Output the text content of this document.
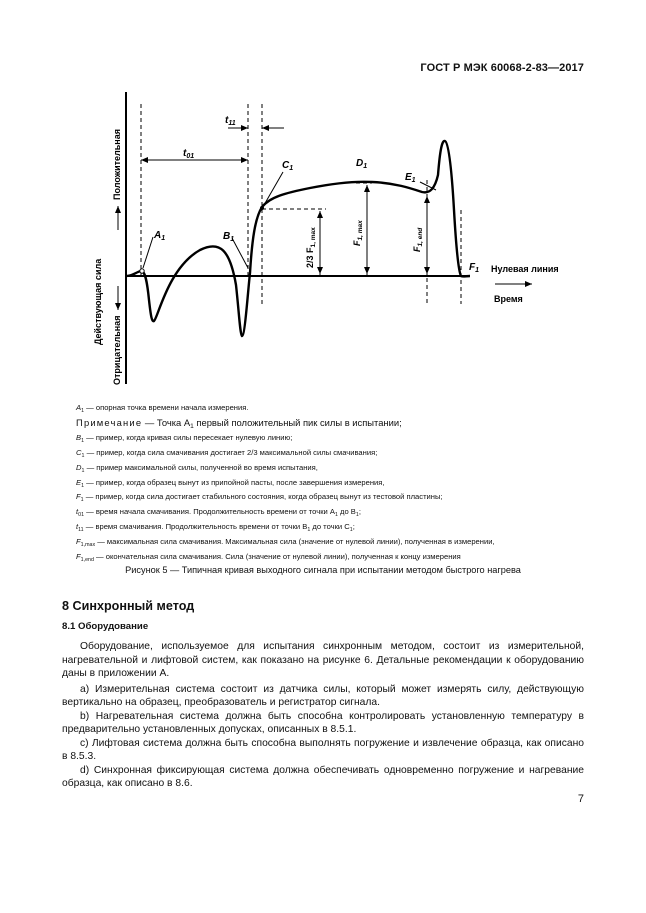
ГОСТ Р МЭК 60068-2-83—2017
Действующая сила
Положительная
Отрицательная
Нулевая линия
Время
$A_1$	$B_1$
$C_1$	$D_1$
$E_1$
$F_1$
$t_{01}$
$t_{11}$
2/3 $F_{1, max}$	$F_{1, max}$
$F_{1, end}$
$A_1$ — опорная точка времени начала измерения.
Примечание — Точка $A_1$ первый положительный пик силы в испытании;
$B_1$ — пример, когда кривая силы пересекает нулевую линию;
$C_1$ — пример, когда сила смачивания достигает 2/3 максимальной силы смачивания;
$D_1$ — пример максимальной силы, полученной во время испытания,
$E_1$ — пример, когда образец вынут из припойной пасты, после завершения измерения,
$F_1$ — пример, когда сила достигает стабильного состояния, когда образец вынут из тестовой пластины;
$t_{01}$ — время начала смачивания. Продолжительность времени от точки $A_1$ до $B_1$;
$t_{11}$ — время смачивания. Продолжительность времени от точки $B_1$ до точки $C_1$;
$F_{1,max}$ — максимальная сила смачивания. Максимальная сила (значение от нулевой линии), полученная в измерении,
$F_{1,end}$ — окончательная сила смачивания. Сила (значение от нулевой линии), полученная к концу измерения
Рисунок 5 — Типичная кривая выходного сигнала при испытании методом быстрого нагрева
8 Синхронный метод
8.1 Оборудование

Оборудование, используемое для испытания синхронным методом, состоит из измерительной, нагревательной и лифтовой систем, как показано на рисунке 6. Детальные рекомендации к оборудованию даны в приложении А.

a) Измерительная система состоит из датчика силы, который может измерять силу, действующую вертикально на образец, преобразователь и регистратор сигнала.

b) Нагревательная система должна быть способна контролировать установленную температуру в предварительно установленных допусках, описанных в 8.5.1.

c) Лифтовая система должна быть способна выполнять погружение и извлечение образца, как описано в 8.5.3.

d) Синхронная фиксирующая система должна обеспечивать одновременно погружение и нагревание образца, как описано в 8.6.

7
